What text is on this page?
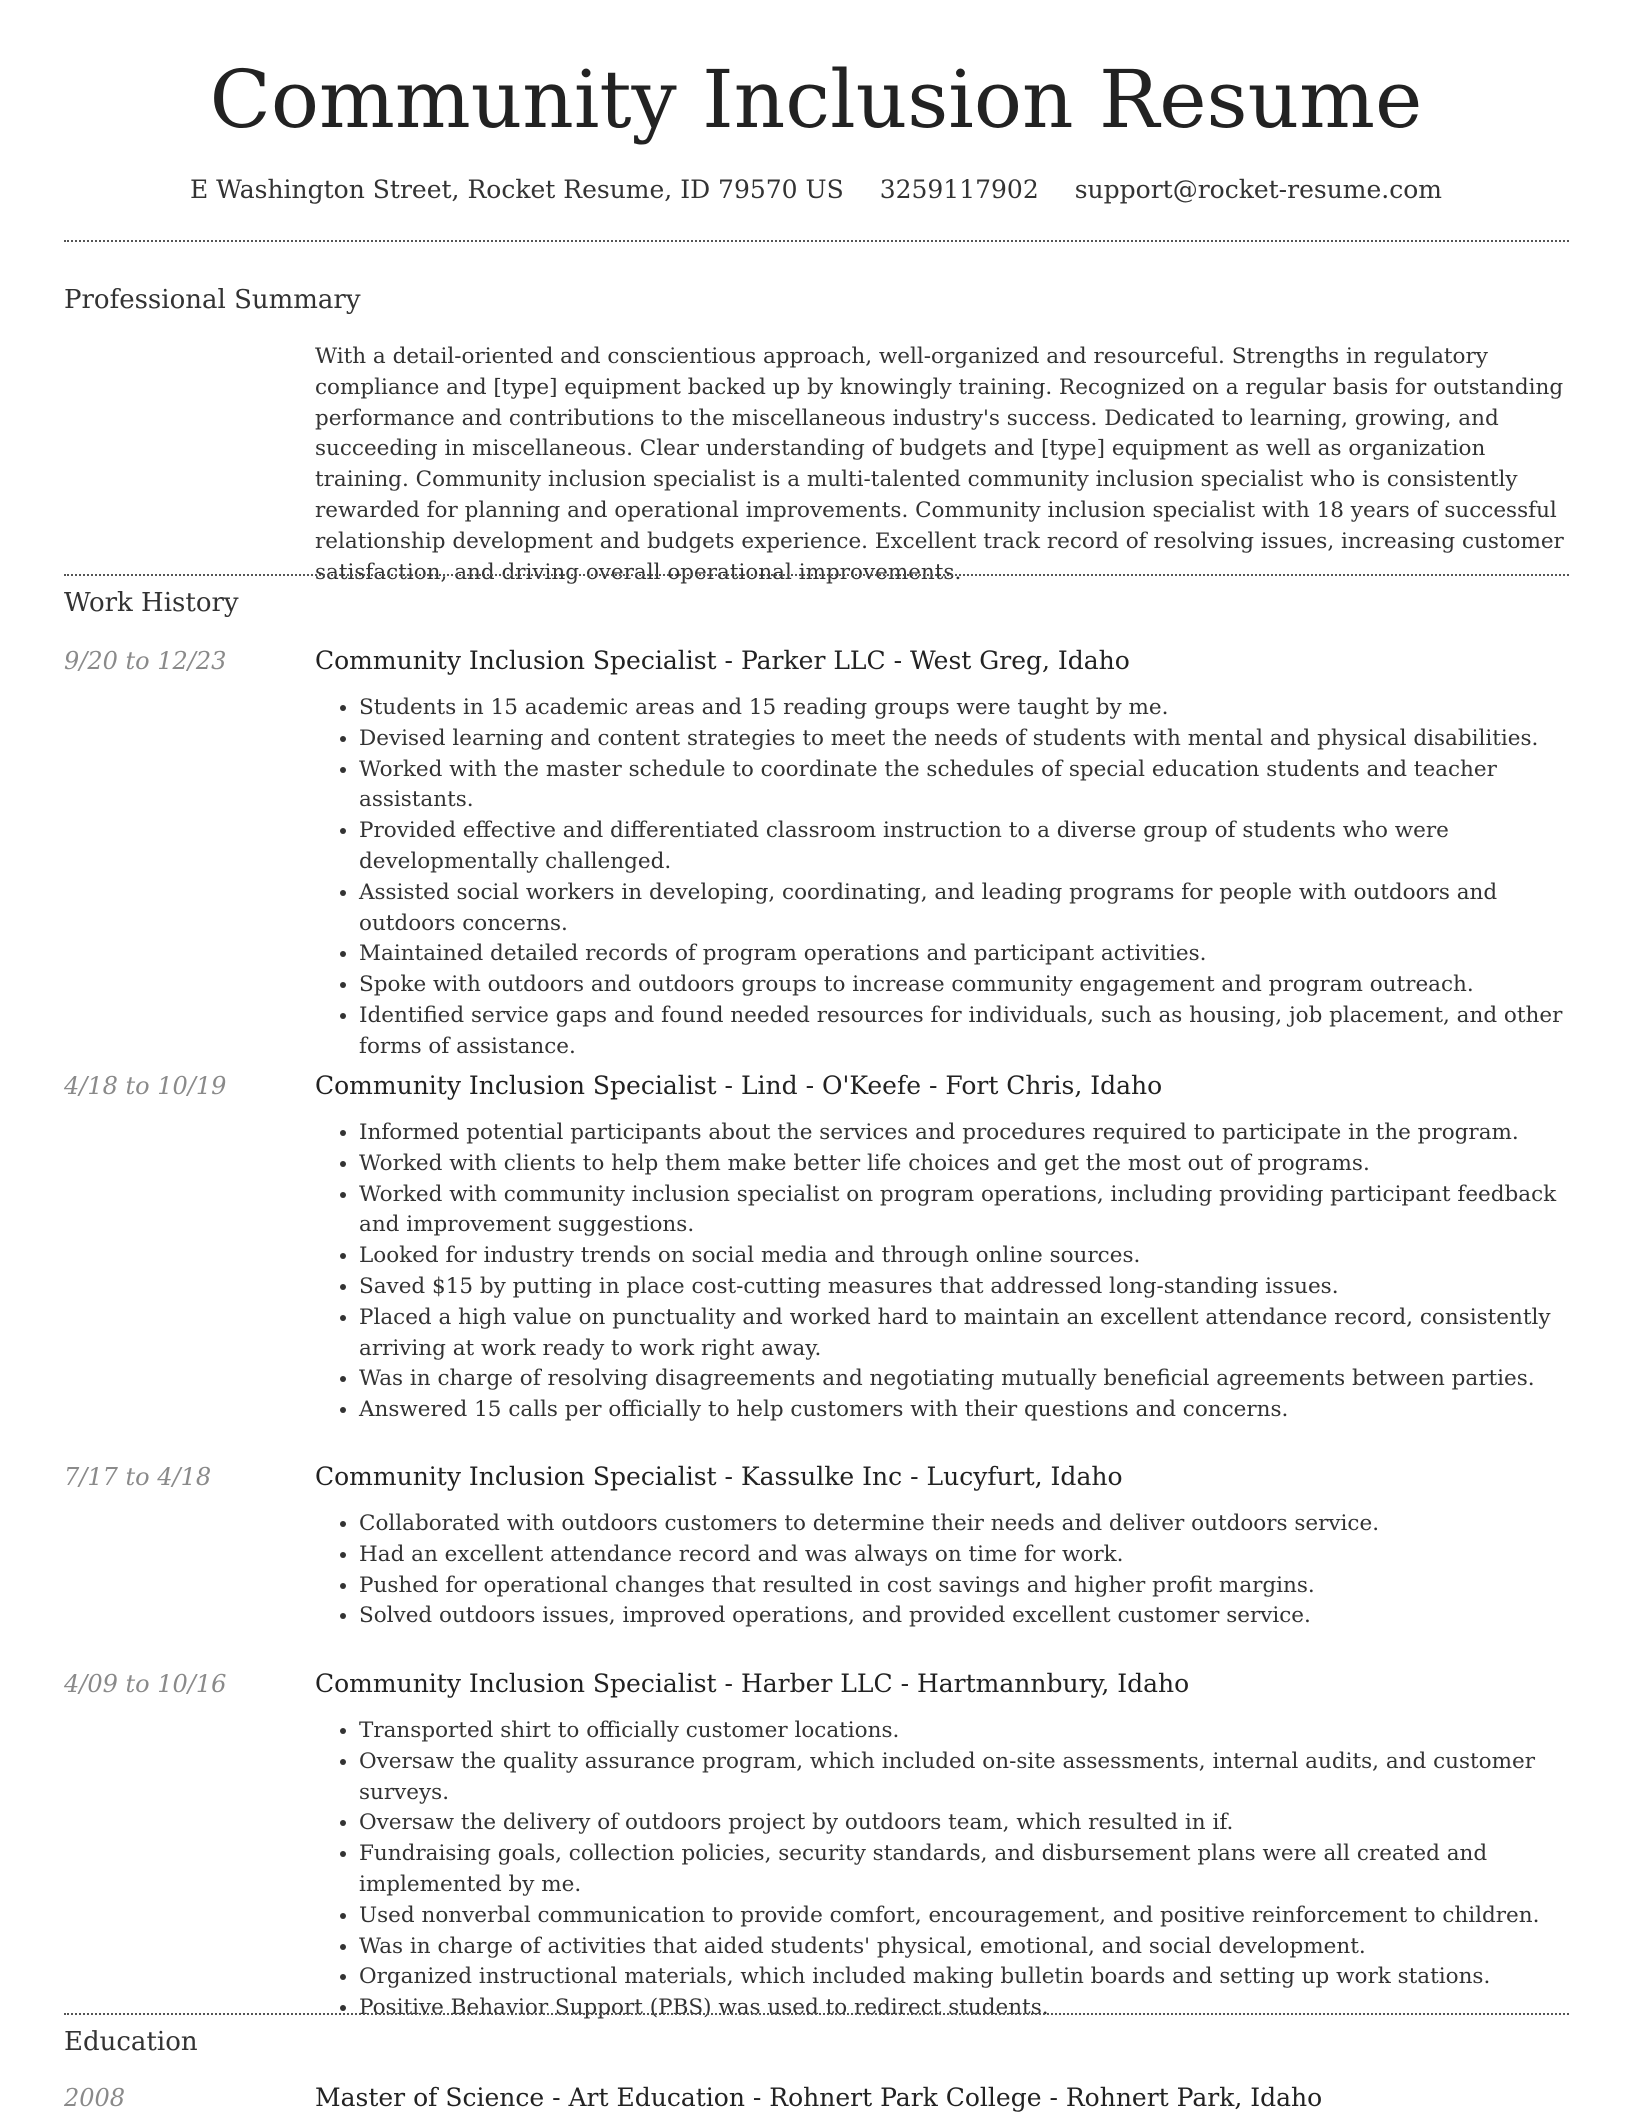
Community Inclusion Resume
E Washington Street, Rocket Resume, ID 79570 US 3259117902 support@rocket-resume.com
Professional Summary
With a detail-oriented and conscientious approach, well-organized and resourceful. Strengths in regulatory compliance and [type] equipment backed up by knowingly training. Recognized on a regular basis for outstanding performance and contributions to the miscellaneous industry's success. Dedicated to learning, growing, and succeeding in miscellaneous. Clear understanding of budgets and [type] equipment as well as organization training. Community inclusion specialist is a multi-talented community inclusion specialist who is consistently rewarded for planning and operational improvements. Community inclusion specialist with 18 years of successful relationship development and budgets experience. Excellent track record of resolving issues, increasing customer satisfaction, and driving overall operational improvements.
Work History
9/20 to 12/23	Community Inclusion Specialist - Parker LLC - West Greg, Idaho
• Students in 15 academic areas and 15 reading groups were taught by me.
• Devised learning and content strategies to meet the needs of students with mental and physical disabilities.
• Worked with the master schedule to coordinate the schedules of special education students and teacher assistants.
• Provided effective and differentiated classroom instruction to a diverse group of students who were developmentally challenged.
• Assisted social workers in developing, coordinating, and leading programs for people with outdoors and outdoors concerns.
• Maintained detailed records of program operations and participant activities.
• Spoke with outdoors and outdoors groups to increase community engagement and program outreach.
• Identified service gaps and found needed resources for individuals, such as housing, job placement, and other forms of assistance.
4/18 to 10/19	Community Inclusion Specialist - Lind - O'Keefe - Fort Chris, Idaho
• Informed potential participants about the services and procedures required to participate in the program.
• Worked with clients to help them make better life choices and get the most out of programs.
• Worked with community inclusion specialist on program operations, including providing participant feedback and improvement suggestions.
• Looked for industry trends on social media and through online sources.
• Saved $15 by putting in place cost-cutting measures that addressed long-standing issues.
• Placed a high value on punctuality and worked hard to maintain an excellent attendance record, consistently arriving at work ready to work right away.
• Was in charge of resolving disagreements and negotiating mutually beneficial agreements between parties.
• Answered 15 calls per officially to help customers with their questions and concerns.
7/17 to 4/18	Community Inclusion Specialist - Kassulke Inc - Lucyfurt, Idaho
• Collaborated with outdoors customers to determine their needs and deliver outdoors service.
• Had an excellent attendance record and was always on time for work.
• Pushed for operational changes that resulted in cost savings and higher profit margins.
• Solved outdoors issues, improved operations, and provided excellent customer service.
4/09 to 10/16	Community Inclusion Specialist - Harber LLC - Hartmannbury, Idaho
• Transported shirt to officially customer locations.
• Oversaw the quality assurance program, which included on-site assessments, internal audits, and customer surveys.
• Oversaw the delivery of outdoors project by outdoors team, which resulted in if.
• Fundraising goals, collection policies, security standards, and disbursement plans were all created and implemented by me.
• Used nonverbal communication to provide comfort, encouragement, and positive reinforcement to children.
• Was in charge of activities that aided students' physical, emotional, and social development.
• Organized instructional materials, which included making bulletin boards and setting up work stations.
• Positive Behavior Support (PBS) was used to redirect students.
Education
2008	Master of Science - Art Education - Rohnert Park College - Rohnert Park, Idaho
